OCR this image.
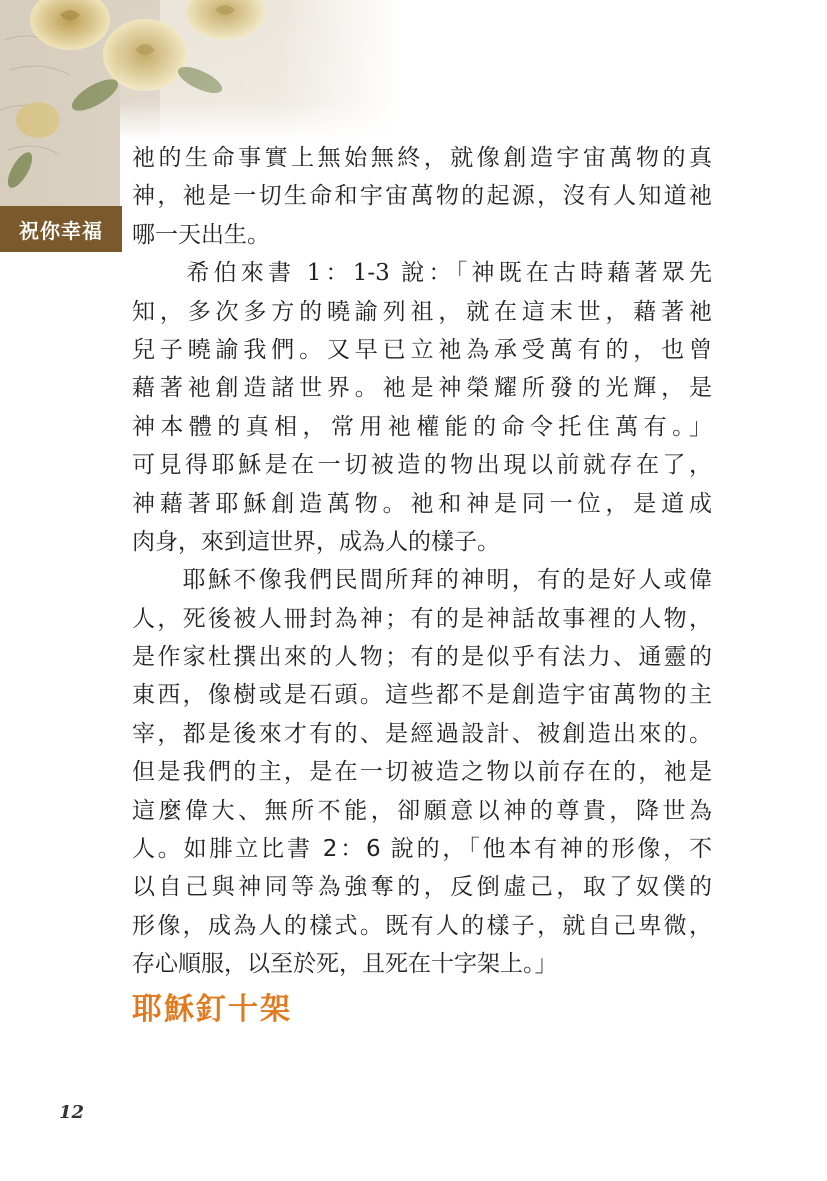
祝你幸福
祂的生命事實上無始無終，就像創造宇宙萬物的真
神，祂是一切生命和宇宙萬物的起源，沒有人知道祂
哪一天出生。
　　希伯來書 1：1-3 說：「神既在古時藉著眾先
知，多次多方的曉諭列祖，就在這末世，藉著祂
兒子曉諭我們。又早已立祂為承受萬有的，也曾
藉著祂創造諸世界。祂是神榮耀所發的光輝，是
神本體的真相，常用祂權能的命令托住萬有。」
可見得耶穌是在一切被造的物出現以前就存在了，
神藉著耶穌創造萬物。祂和神是同一位，是道成
肉身，來到這世界，成為人的樣子。
　　耶穌不像我們民間所拜的神明，有的是好人或偉
人，死後被人冊封為神；有的是神話故事裡的人物，
是作家杜撰出來的人物；有的是似乎有法力、通靈的
東西，像樹或是石頭。這些都不是創造宇宙萬物的主
宰，都是後來才有的、是經過設計、被創造出來的。
但是我們的主，是在一切被造之物以前存在的，祂是
這麼偉大、無所不能，卻願意以神的尊貴，降世為
人。如腓立比書 2：6 說的，「他本有神的形像，不
以自己與神同等為強奪的，反倒虛己，取了奴僕的
形像，成為人的樣式。既有人的樣子，就自己卑微，
存心順服，以至於死，且死在十字架上。」
耶穌釘十架
12
